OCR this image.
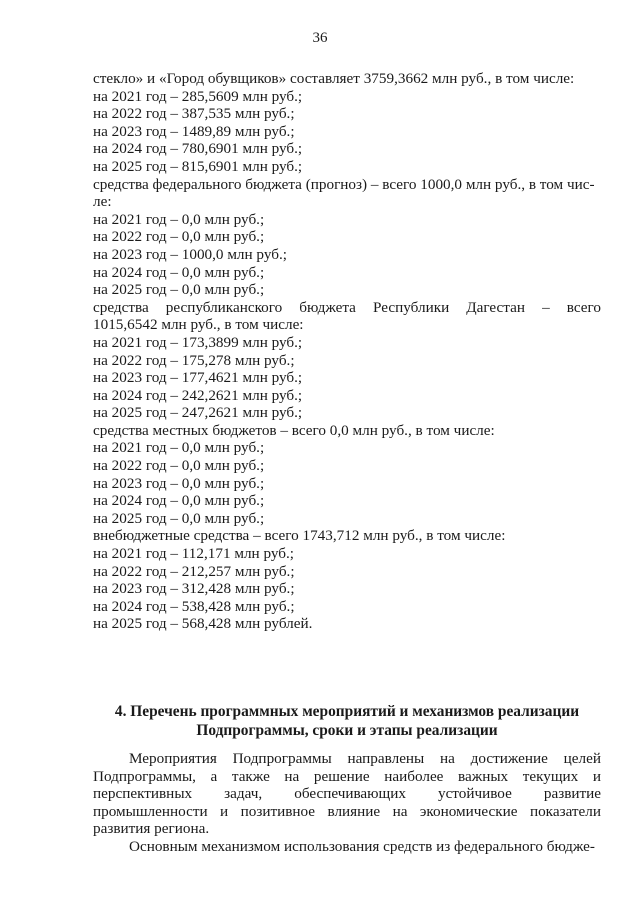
36
стекло» и «Город обувщиков» составляет 3759,3662 млн руб., в том числе:
на 2021 год – 285,5609 млн руб.;
на 2022 год – 387,535 млн руб.;
на 2023 год – 1489,89 млн руб.;
на 2024 год – 780,6901 млн руб.;
на 2025 год – 815,6901 млн руб.;
средства федерального бюджета (прогноз) – всего 1000,0 млн руб., в том чис-
ле:
на 2021 год – 0,0 млн руб.;
на 2022 год – 0,0 млн руб.;
на 2023 год – 1000,0 млн руб.;
на 2024 год – 0,0 млн руб.;
на 2025 год – 0,0 млн руб.;
средства республиканского бюджета Республики Дагестан – всего
1015,6542 млн руб., в том числе:
на 2021 год – 173,3899 млн руб.;
на 2022 год – 175,278 млн руб.;
на 2023 год – 177,4621 млн руб.;
на 2024 год – 242,2621 млн руб.;
на 2025 год – 247,2621 млн руб.;
средства местных бюджетов – всего 0,0 млн руб., в том числе:
на 2021 год – 0,0 млн руб.;
на 2022 год – 0,0 млн руб.;
на 2023 год – 0,0 млн руб.;
на 2024 год – 0,0 млн руб.;
на 2025 год – 0,0 млн руб.;
внебюджетные средства – всего 1743,712 млн руб., в том числе:
на 2021 год – 112,171 млн руб.;
на 2022 год – 212,257 млн руб.;
на 2023 год – 312,428 млн руб.;
на 2024 год – 538,428 млн руб.;
на 2025 год – 568,428 млн рублей.
4. Перечень программных мероприятий и механизмов реализации
Подпрограммы, сроки и этапы реализации

Мероприятия Подпрограммы направлены на достижение целей Подпрограммы, а также на решение наиболее важных текущих и перспективных задач, обеспечивающих устойчивое развитие промышленности и позитивное влияние на экономические показатели развития региона.

Основным механизмом использования средств из федерального бюдже-
